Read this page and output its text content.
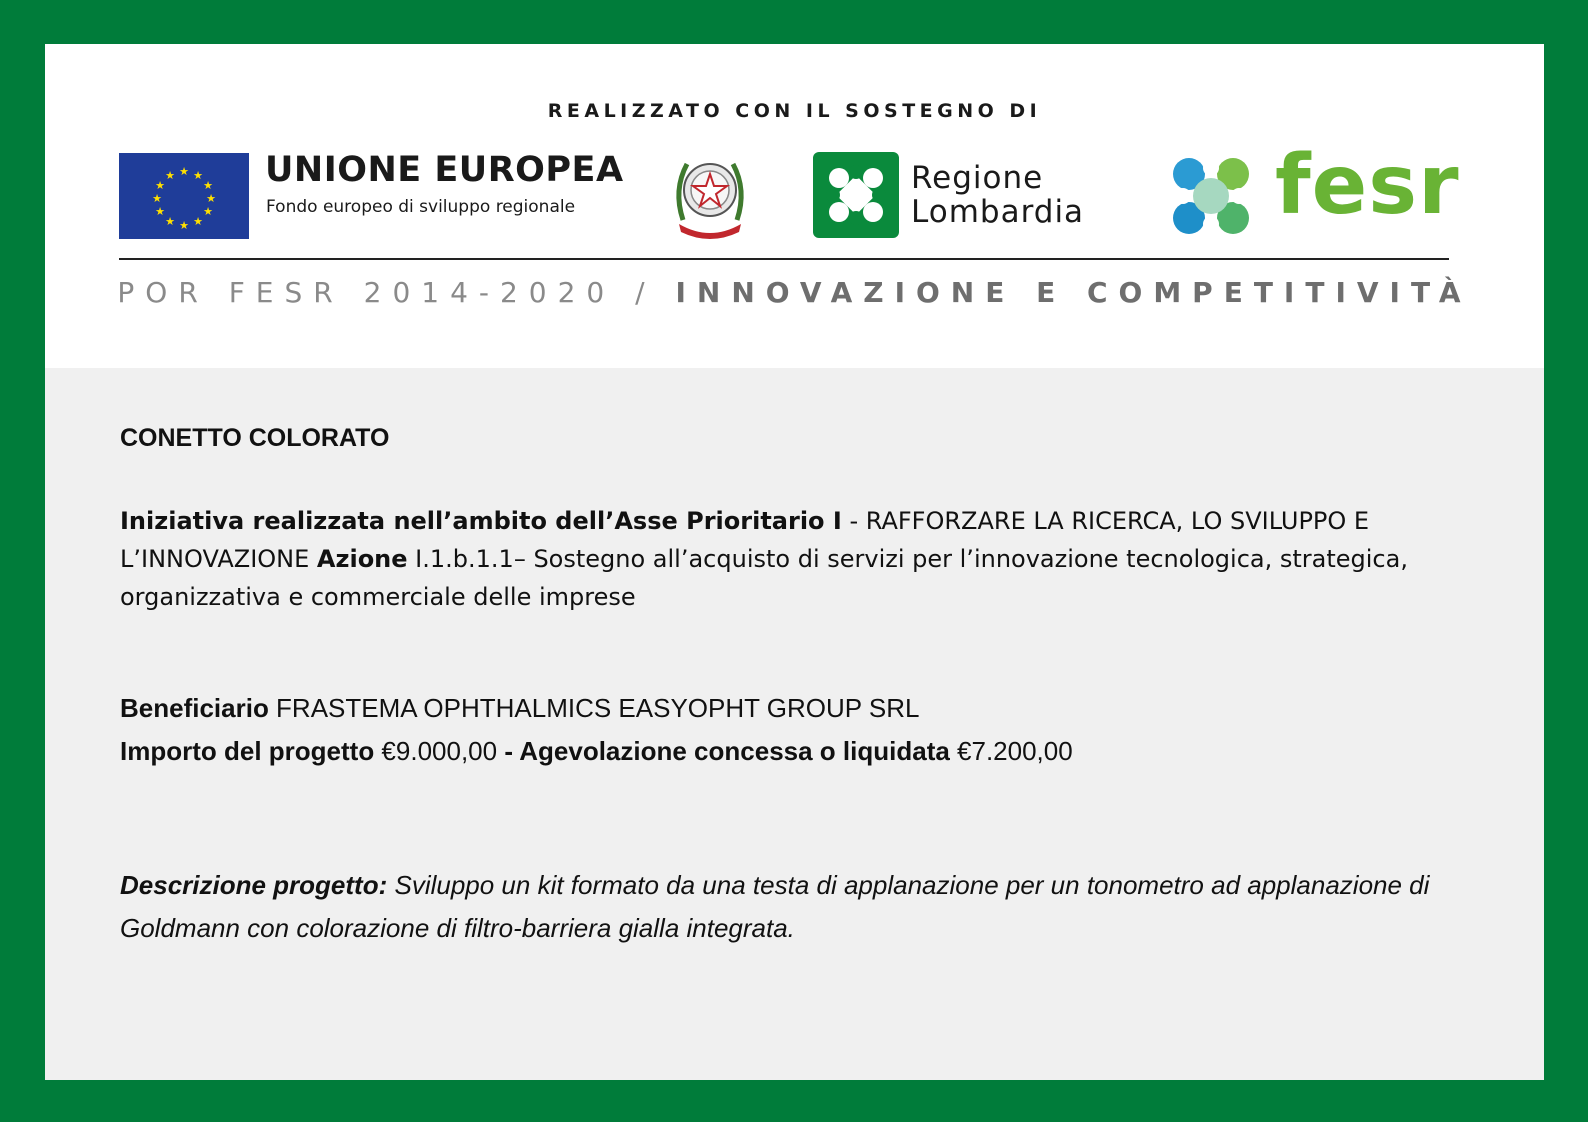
REALIZZATO CON IL SOSTEGNO DI
★ ★
★
★
★
★
★
★
★
★
★
★	UNIONE EUROPEA
Fondo europeo di sviluppo regionale
Regione
Lombardia fesr
POR FESR 2014-2020 / INNOVAZIONE E COMPETITIVITÀ
CONETTO COLORATO
Iniziativa realizzata nell’ambito dell’Asse Prioritario I - RAFFORZARE LA RICERCA, LO SVILUPPO E L’INNOVAZIONE Azione I.1.b.1.1– Sostegno all’acquisto di servizi per l’innovazione tecnologica, strategica, organizzativa e commerciale delle imprese
Beneficiario FRASTEMA OPHTHALMICS EASYOPHT GROUP SRL
Importo del progetto €9.000,00 - Agevolazione concessa o liquidata €7.200,00
Descrizione progetto: Sviluppo un kit formato da una testa di applanazione per un tonometro ad applanazione di Goldmann con colorazione di filtro-barriera gialla integrata.
